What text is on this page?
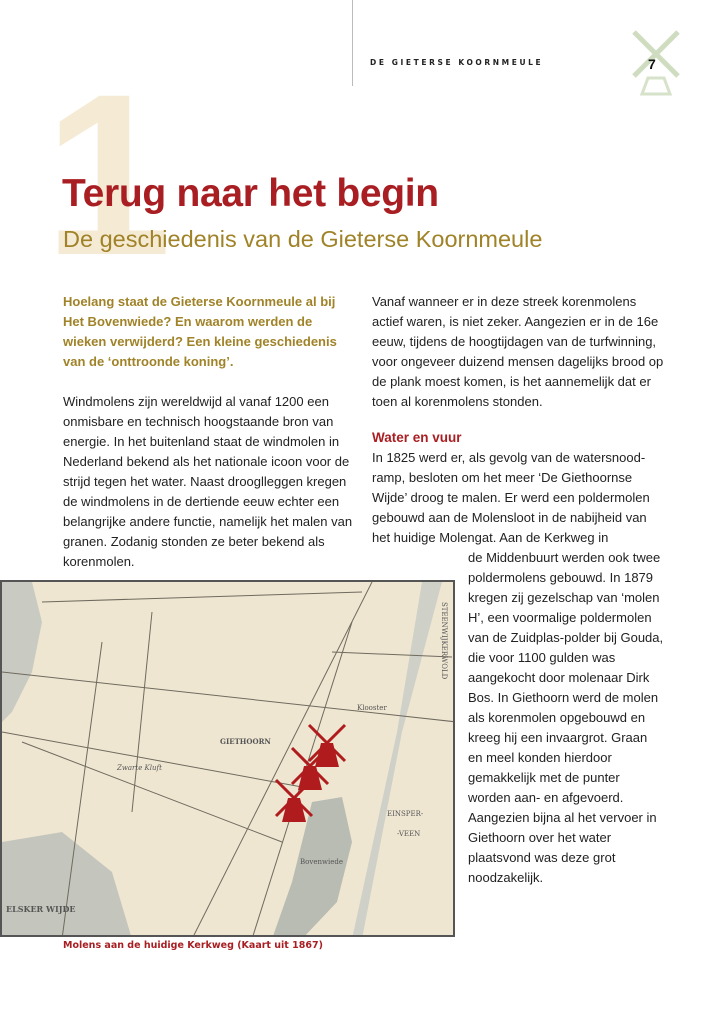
DE GIETERSE KOORNMEULE	7
1
Terug naar het begin
De geschiedenis van de Gieterse Koornmeule
Hoelang staat de Gieterse Koornmeule al bij Het Bovenwiede? En waarom werden de wieken verwijderd? Een kleine geschiedenis van de ‘onttroonde koning’.
Windmolens zijn wereldwijd al vanaf 1200 een onmisbare en technisch hoogstaande bron van energie. In het buitenland staat de windmolen in Nederland bekend als het nationale icoon voor de strijd tegen het water. Naast drooglleggen kregen de windmolens in de dertiende eeuw echter een belangrijke andere functie, namelijk het malen van granen. Zodanig stonden ze beter bekend als korenmolen.
Vanaf wanneer er in deze streek korenmolens actief waren, is niet zeker. Aangezien er in de 16e eeuw, tijdens de hoogtijdagen van de turfwinning, voor ongeveer duizend mensen dagelijks brood op de plank moest komen, is het aannemelijk dat er toen al korenmolens stonden.
Water en vuur
In 1825 werd er, als gevolg van de watersnood-ramp, besloten om het meer ‘De Giethoornse Wijde’ droog te malen. Er werd een poldermolen gebouwd aan de Molensloot in de nabijheid van het huidige Molengat. Aan de Kerkweg in
de Middenbuurt werden ook twee poldermolens gebouwd. In 1879 kregen zij gezelschap van ‘molen H’, een voormalige poldermolen van de Zuidplas-polder bij Gouda, die voor 1100 gulden was aangekocht door molenaar Dirk Bos. In Giethoorn werd de molen als korenmolen opgebouwd en kreeg hij een invaargrot. Graan en meel konden hierdoor gemakkelijk met de punter worden aan- en afgevoerd. Aangezien bijna al het vervoer in Giethoorn over het water plaatsvond was deze grot noodzakelijk.
GIETHOORN
Zwarte Kluft
EINSPER-
-VEEN
STEENWIJKERWOLD
ELSKER WIJDE
Klooster
Bovenwiede
Molens aan de huidige Kerkweg (Kaart uit 1867)
